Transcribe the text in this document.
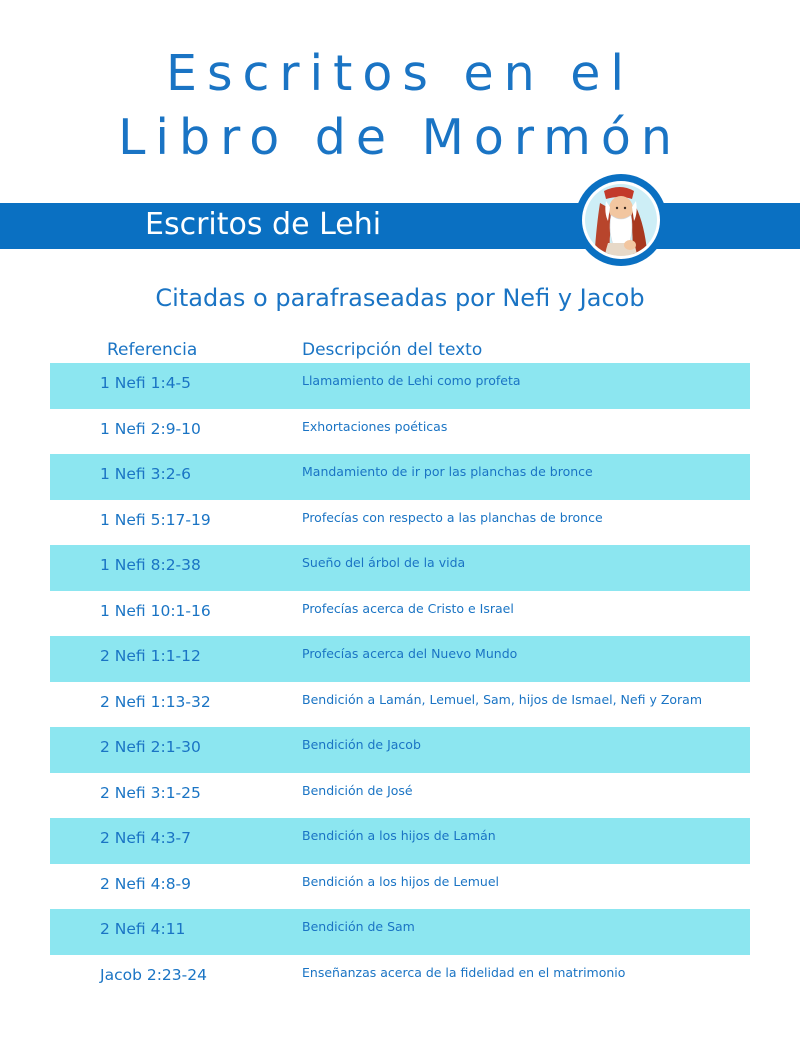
Escritos en el
Libro de Mormón
Escritos de Lehi
Citadas o parafraseadas por Nefi y Jacob
Referencia	Descripción del texto
1 Nefi 1:4-5	Llamamiento de Lehi como profeta
1 Nefi 2:9-10	Exhortaciones poéticas
1 Nefi 3:2-6	Mandamiento de ir por las planchas de bronce
1 Nefi 5:17-19	Profecías con respecto a las planchas de bronce
1 Nefi 8:2-38	Sueño del árbol de la vida
1 Nefi 10:1-16	Profecías acerca de Cristo e Israel
2 Nefi 1:1-12	Profecías acerca del Nuevo Mundo
2 Nefi 1:13-32	Bendición a Lamán, Lemuel, Sam, hijos de Ismael, Nefi y Zoram
2 Nefi 2:1-30	Bendición de Jacob
2 Nefi 3:1-25	Bendición de José
2 Nefi 4:3-7	Bendición a los hijos de Lamán
2 Nefi 4:8-9	Bendición a los hijos de Lemuel
2 Nefi 4:11	Bendición de Sam
Jacob 2:23-24	Enseñanzas acerca de la fidelidad en el matrimonio
